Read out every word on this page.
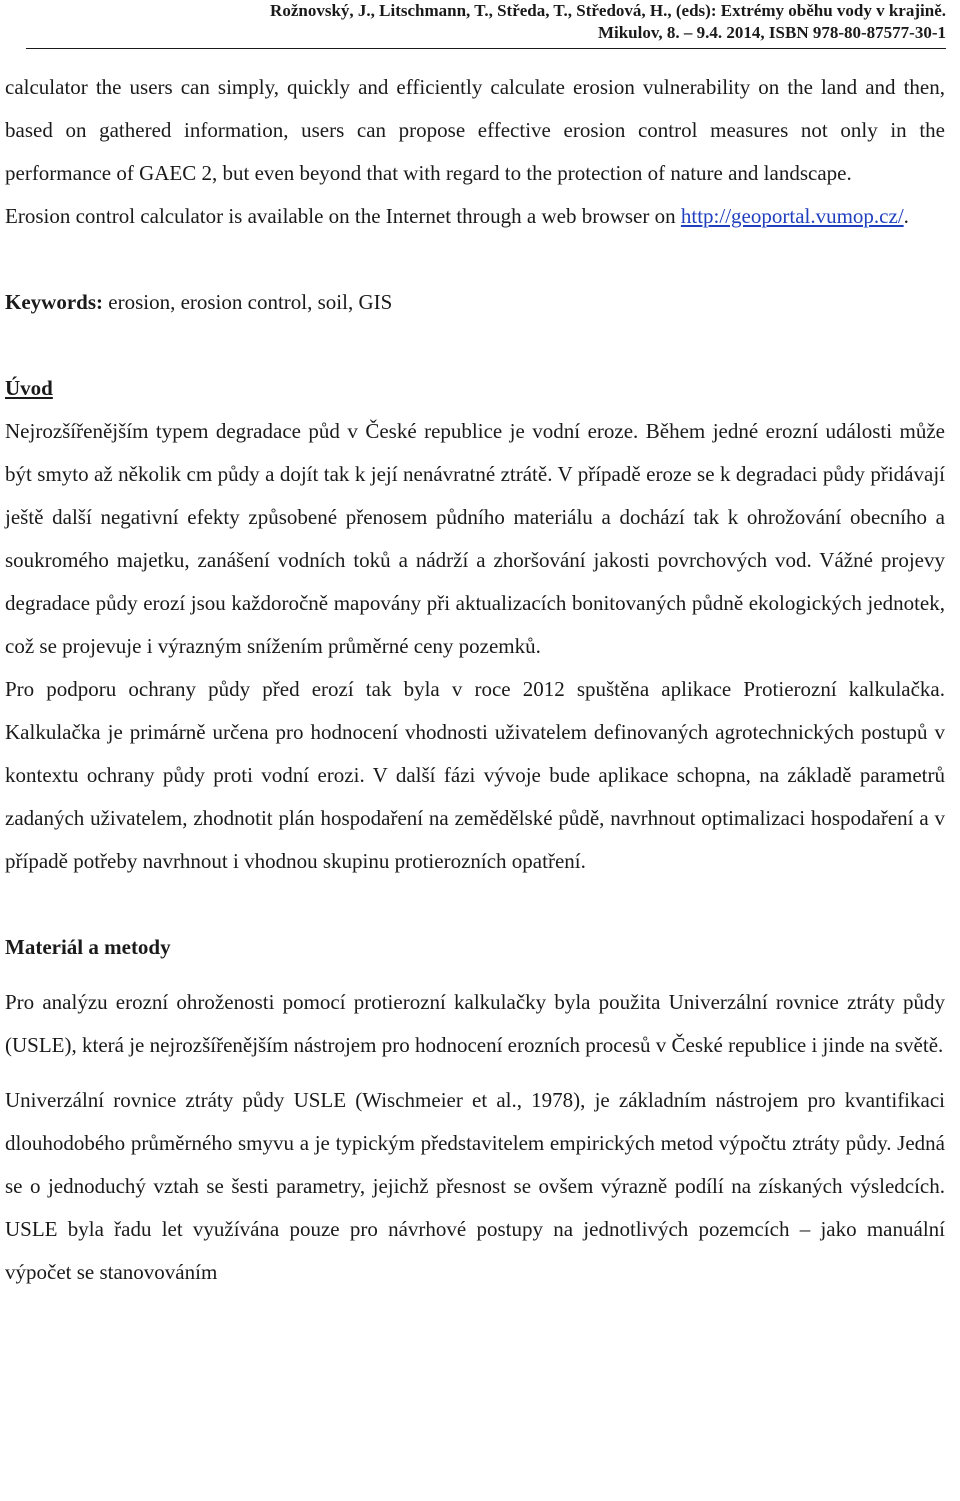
Rožnovský, J., Litschmann, T., Středa, T., Středová, H., (eds): Extrémy oběhu vody v krajině.
Mikulov, 8. – 9.4. 2014, ISBN 978-80-87577-30-1

calculator the users can simply, quickly and efficiently calculate erosion vulnerability on the land and then, based on gathered information, users can propose effective erosion control measures not only in the performance of GAEC 2, but even beyond that with regard to the protection of nature and landscape.

Erosion control calculator is available on the Internet through a web browser on http://geoportal.vumop.cz/.

Keywords: erosion, erosion control, soil, GIS

Úvod

Nejrozšířenějším typem degradace půd v České republice je vodní eroze. Během jedné erozní události může být smyto až několik cm půdy a dojít tak k její nenávratné ztrátě. V případě eroze se k degradaci půdy přidávají ještě další negativní efekty způsobené přenosem půdního materiálu a dochází tak k ohrožování obecního a soukromého majetku, zanášení vodních toků a nádrží a zhoršování jakosti povrchových vod. Vážné projevy degradace půdy erozí jsou každoročně mapovány při aktualizacích bonitovaných půdně ekologických jednotek, což se projevuje i výrazným snížením průměrné ceny pozemků.

Pro podporu ochrany půdy před erozí tak byla v roce 2012 spuštěna aplikace Protierozní kalkulačka. Kalkulačka je primárně určena pro hodnocení vhodnosti uživatelem definovaných agrotechnických postupů v kontextu ochrany půdy proti vodní erozi. V další fázi vývoje bude aplikace schopna, na základě parametrů zadaných uživatelem, zhodnotit plán hospodaření na zemědělské půdě, navrhnout optimalizaci hospodaření a v případě potřeby navrhnout i vhodnou skupinu protierozních opatření.

Materiál a metody

Pro analýzu erozní ohroženosti pomocí protierozní kalkulačky byla použita Univerzální rovnice ztráty půdy (USLE), která je nejrozšířenějším nástrojem pro hodnocení erozních procesů v České republice i jinde na světě.

Univerzální rovnice ztráty půdy USLE (Wischmeier et al., 1978), je základním nástrojem pro kvantifikaci dlouhodobého průměrného smyvu a je typickým představitelem empirických metod výpočtu ztráty půdy. Jedná se o jednoduchý vztah se šesti parametry, jejichž přesnost se ovšem výrazně podílí na získaných výsledcích. USLE byla řadu let využívána pouze pro návrhové postupy na jednotlivých pozemcích – jako manuální výpočet se stanovováním
